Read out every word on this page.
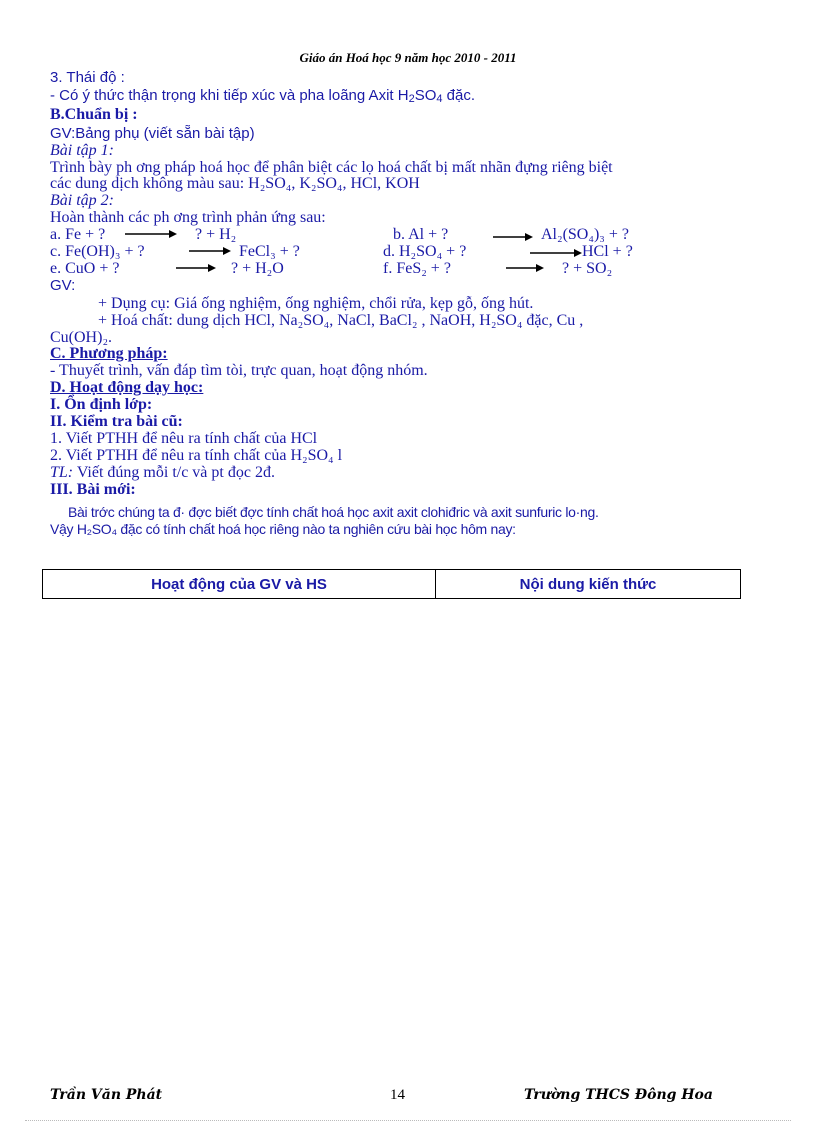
Giáo án Hoá học 9 năm học 2010 - 2011
3. Thái độ :
- Có ý thức thận trọng khi tiếp xúc và pha loãng Axit $H_2SO_4$ đặc.
B.Chuẩn bị :
GV:Bảng phụ (viết sẵn bài tập)
Bài tập 1:
Trình bày ph ơng pháp hoá học để phân biệt các lọ hoá chất bị mất nhãn đựng riêng biệt
các dung dịch không màu sau: H₂SO₄, K₂SO₄, HCl, KOH
Bài tập 2:
Hoàn thành các ph ơng trình phản ứng sau:
a. Fe + ?	? + H₂	b. Al + ?	Al₂(SO₄)₃ + ?
c. Fe(OH)₃ + ?	FeCl₃ + ?	d. H₂SO₄ + ?	HCl + ?
e. CuO + ?	? + H₂O	f. FeS₂ + ?	? + SO₂
GV:
+ Dụng cụ: Giá ống nghiệm, ống nghiệm, chổi rửa, kẹp gỗ, ống hút.
+ Hoá chất: dung dịch HCl, Na₂SO₄, NaCl, BaCl₂ , NaOH, H₂SO₄ đặc, Cu ,
Cu(OH)₂.
C. Phương pháp:
- Thuyết trình, vấn đáp tìm tòi, trực quan, hoạt động nhóm.
D. Hoạt động dạy học:
I. Ổn định lớp:
II. Kiểm tra bài cũ:
1. Viết PTHH để nêu ra tính chất của HCl
2. Viết PTHH để nêu ra tính chất của H₂SO₄ l
TL: Viết đúng mỗi t/c và pt đọc 2đ.
III. Bài mới:
Bài trớc chúng ta đ· đợc biết đợc tính chất hoá học axit axit clohiđric và axit sunfuric lo·ng.
Vậy H₂SO₄ đặc có tính chất hoá học riêng nào ta nghiên cứu bài học hôm nay:
Hoạt động của GV và HS	Nội dung kiến thức
Trần Văn Phát	14	Trường THCS Đông Hoa
